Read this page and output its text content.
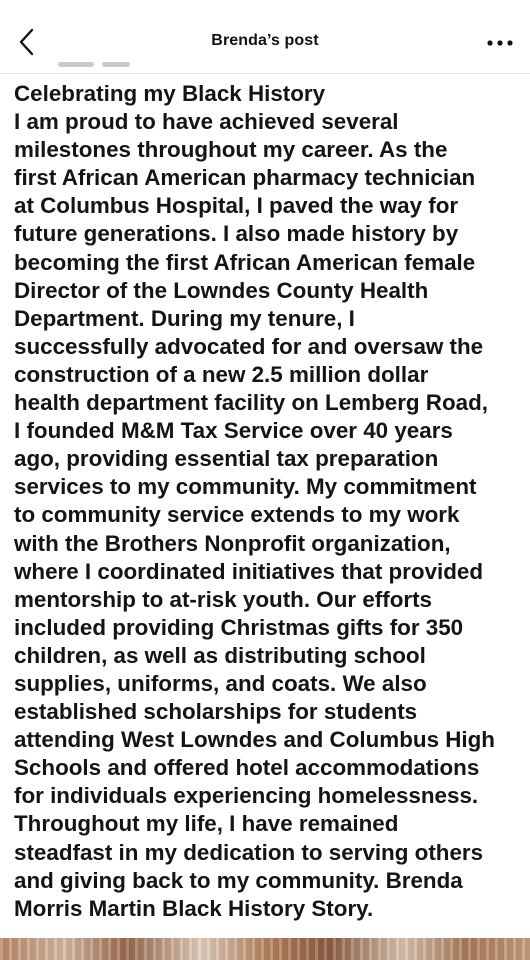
Brenda’s post

Celebrating my Black History

I am proud to have achieved several
milestones throughout my career. As the
first African American pharmacy technician
at Columbus Hospital, I paved the way for
future generations. I also made history by
becoming the first African American female
Director of the Lowndes County Health
Department. During my tenure, I
successfully advocated for and oversaw the
construction of a new 2.5 million dollar
health department facility on Lemberg Road,
I founded M&M Tax Service over 40 years
ago, providing essential tax preparation
services to my community. My commitment
to community service extends to my work
with the Brothers Nonprofit organization,
where I coordinated initiatives that provided
mentorship to at-risk youth. Our efforts
included providing Christmas gifts for 350
children, as well as distributing school
supplies, uniforms, and coats. We also
established scholarships for students
attending West Lowndes and Columbus High
Schools and offered hotel accommodations
for individuals experiencing homelessness.
Throughout my life, I have remained
steadfast in my dedication to serving others
and giving back to my community. Brenda
Morris Martin Black History Story.
